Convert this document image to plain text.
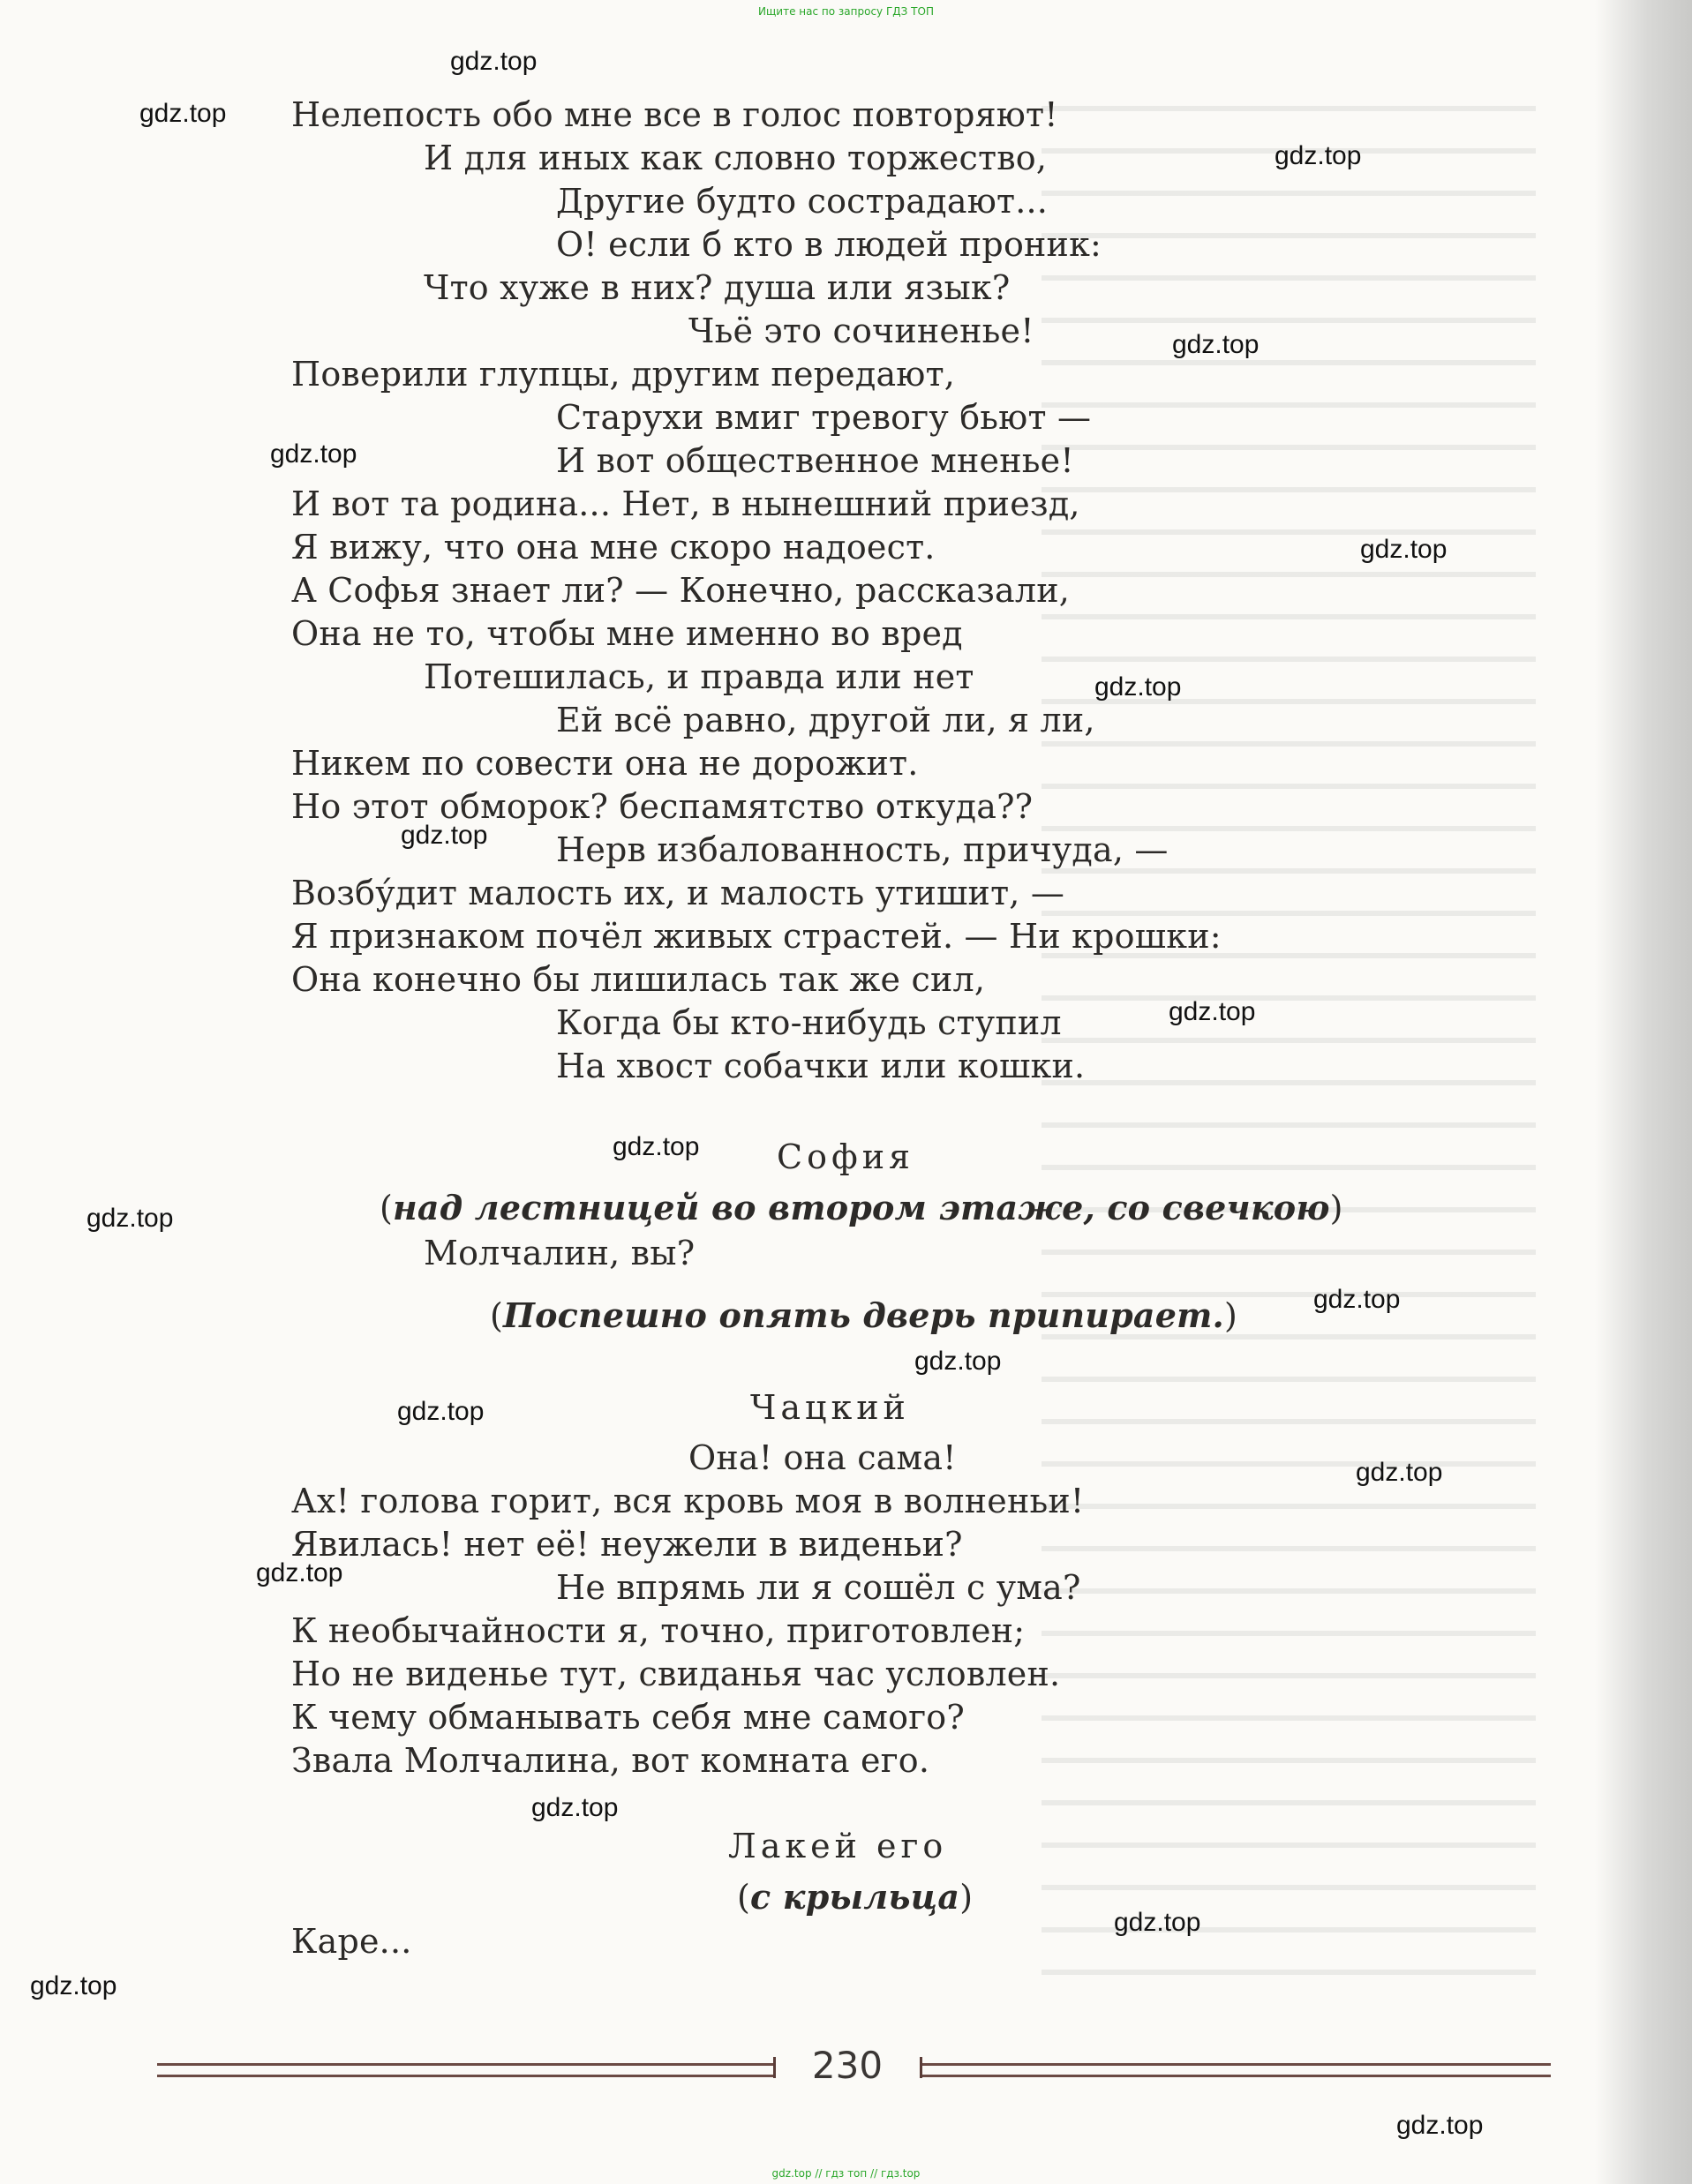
Ищите нас по запросу ГДЗ ТОП
Нелепость обо мне все в голос повторяют!
И для иных как словно торжество,
Другие будто сострадают...
О! если б кто в людей проник:
Что хуже в них? душа или язык?
Чьё это сочиненье!
Поверили глупцы, другим передают,
Старухи вмиг тревогу бьют —
И вот общественное мненье!
И вот та родина... Нет, в нынешний приезд,
Я вижу, что она мне скоро надоест.
А Софья знает ли? — Конечно, рассказали,
Она не то, чтобы мне именно во вред
Потешилась, и правда или нет
Ей всё равно, другой ли, я ли,
Никем по совести она не дорожит.
Но этот обморок? беспамятство откуда??
Нерв избалованность, причуда, —
Возбу́дит малость их, и малость утишит, —
Я признаком почёл живых страстей. — Ни крошки:
Она конечно бы лишилась так же сил,
Когда бы кто-нибудь ступил
На хвост собачки или кошки.
София
(над лестницей во втором этаже, со свечкою)
Молчалин, вы?
(Поспешно опять дверь припирает.)
Чацкий
Она! она сама!
Ах! голова горит, вся кровь моя в волненьи!
Явилась! нет её! неужели в виденьи?
Не впрямь ли я сошёл с ума?
К необычайности я, точно, приготовлен;
Но не виденье тут, свиданья час условлен.
К чему обманывать себя мне самого?
Звала Молчалина, вот комната его.
Лакей его
(с крыльца)
Каре...
230
gdz.top
gdz.top
gdz.top
gdz.top
gdz.top
gdz.top
gdz.top
gdz.top
gdz.top
gdz.top
gdz.top
gdz.top
gdz.top
gdz.top
gdz.top
gdz.top
gdz.top
gdz.top
gdz.top
gdz.top
gdz.top // гдз топ // гдз.top
